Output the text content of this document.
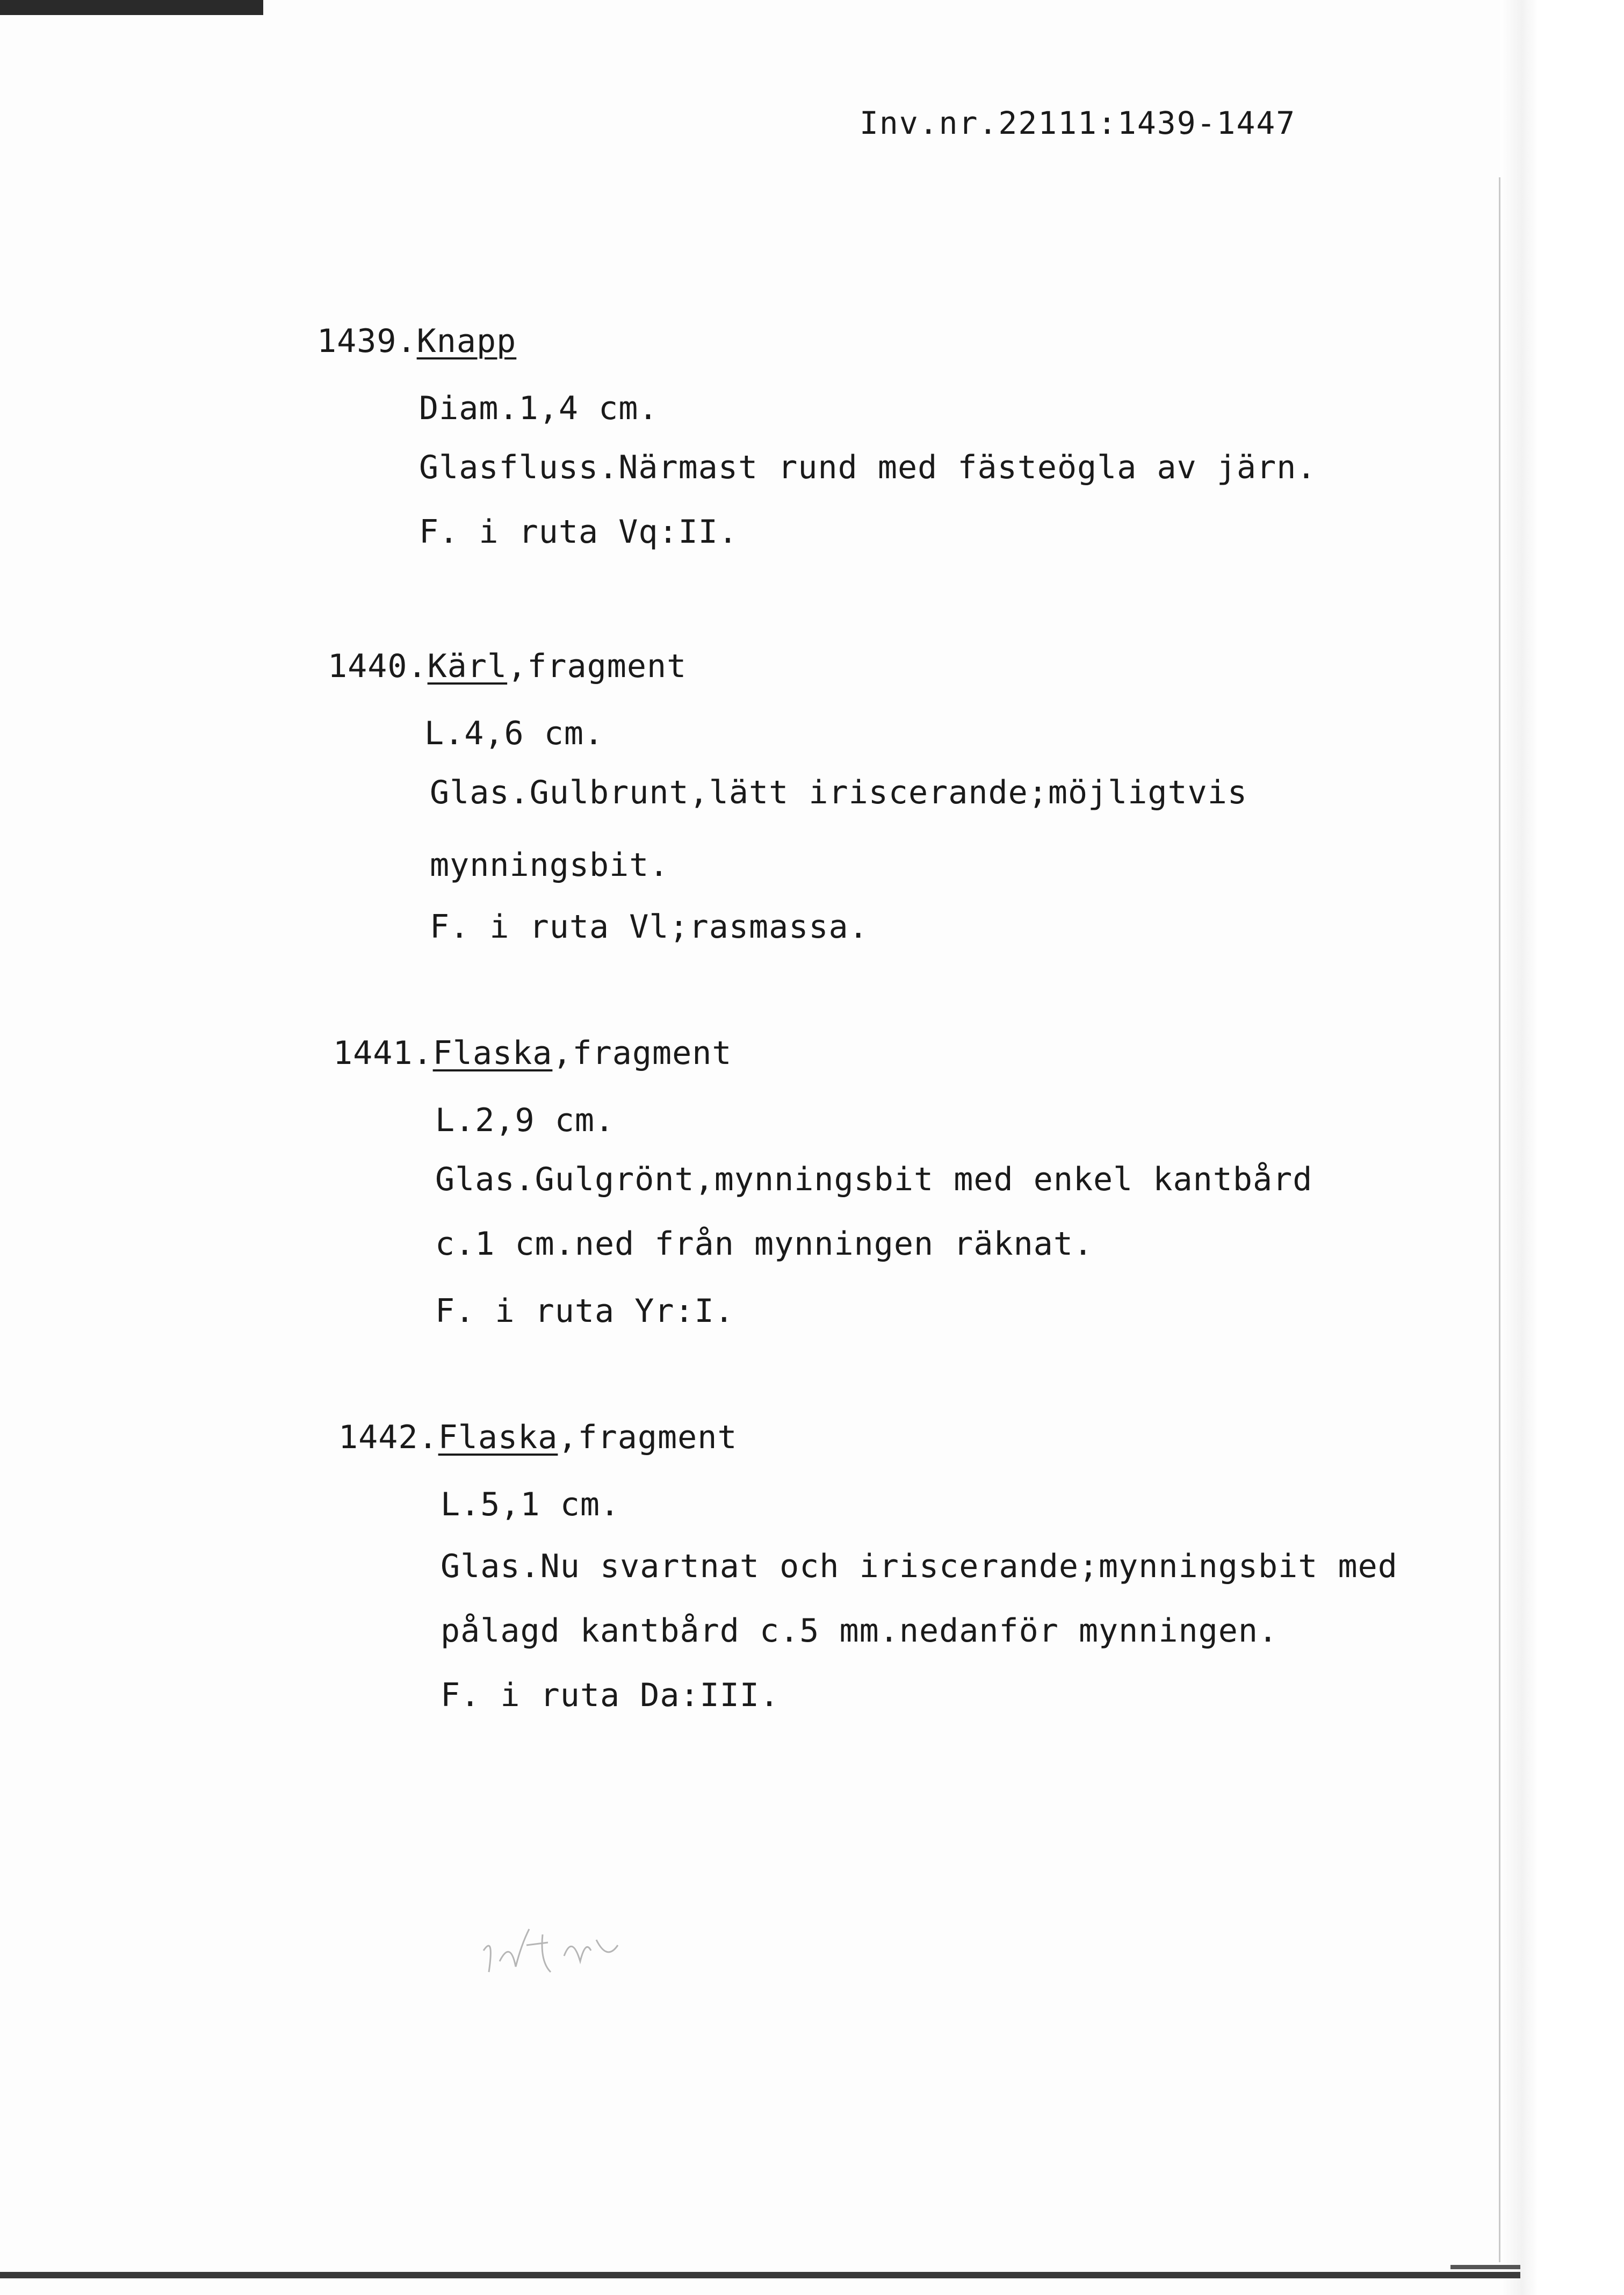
Inv.nr.22111:1439-1447
1439.Knapp
Diam.1,4 cm.
Glasfluss.Närmast rund med fästeögla av järn.
F. i ruta Vq:II.
1440.Kärl,fragment
L.4,6 cm.
Glas.Gulbrunt,lätt iriscerande;möjligtvis
mynningsbit.
F. i ruta Vl;rasmassa.
1441.Flaska,fragment
L.2,9 cm.
Glas.Gulgrönt,mynningsbit med enkel kantbård
c.1 cm.ned från mynningen räknat.
F. i ruta Yr:I.
1442.Flaska,fragment
L.5,1 cm.
Glas.Nu svartnat och iriscerande;mynningsbit med
pålagd kantbård c.5 mm.nedanför mynningen.
F. i ruta Da:III.
